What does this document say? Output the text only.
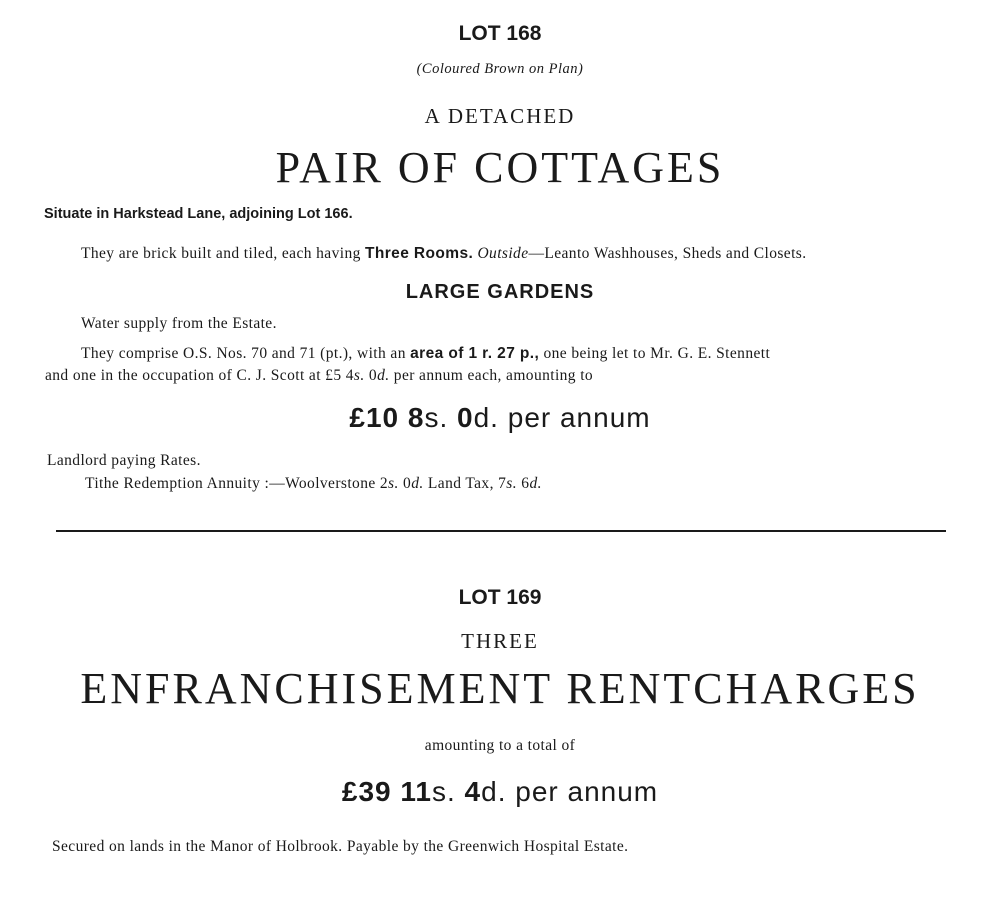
LOT 168
(Coloured Brown on Plan)
A DETACHED
PAIR OF COTTAGES
Situate in Harkstead Lane, adjoining Lot 166.
They are brick built and tiled, each having Three Rooms. Outside—Leanto Washhouses, Sheds and Closets.
LARGE GARDENS
Water supply from the Estate.
They comprise O.S. Nos. 70 and 71 (pt.), with an area of 1 r. 27 p., one being let to Mr. G. E. Stennett
and one in the occupation of C. J. Scott at £5 4s. 0d. per annum each, amounting to
£10 8s. 0d. per annum
Landlord paying Rates.
Tithe Redemption Annuity :—Woolverstone 2s. 0d. Land Tax, 7s. 6d.
LOT 169
THREE
ENFRANCHISEMENT RENTCHARGES
amounting to a total of
£39 11s. 4d. per annum
Secured on lands in the Manor of Holbrook. Payable by the Greenwich Hospital Estate.
